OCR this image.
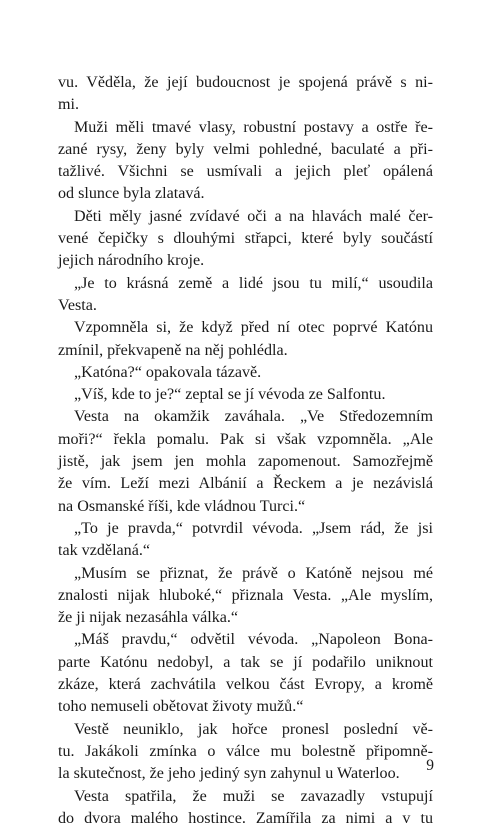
vu. Věděla, že její budoucnost je spojená právě s ni-
mi.
Muži měli tmavé vlasy, robustní postavy a ostře ře-
zané rysy, ženy byly velmi pohledné, baculaté a při-
tažlivé. Všichni se usmívali a jejich pleť opálená
od slunce byla zlatavá.
Děti měly jasné zvídavé oči a na hlavách malé čer-
vené čepičky s dlouhými střapci, které byly součástí
jejich národního kroje.
„Je to krásná země a lidé jsou tu milí,“ usoudila
Vesta.
Vzpomněla si, že když před ní otec poprvé Katónu
zmínil, překvapeně na něj pohlédla.
„Katóna?“ opakovala tázavě.
„Víš, kde to je?“ zeptal se jí vévoda ze Salfontu.
Vesta na okamžik zaváhala. „Ve Středozemním
moři?“ řekla pomalu. Pak si však vzpomněla. „Ale
jistě, jak jsem jen mohla zapomenout. Samozřejmě
že vím. Leží mezi Albánií a Řeckem a je nezávislá
na Osmanské říši, kde vládnou Turci.“
„To je pravda,“ potvrdil vévoda. „Jsem rád, že jsi
tak vzdělaná.“
„Musím se přiznat, že právě o Katóně nejsou mé
znalosti nijak hluboké,“ přiznala Vesta. „Ale myslím,
že ji nijak nezasáhla válka.“
„Máš pravdu,“ odvětil vévoda. „Napoleon Bona-
parte Katónu nedobyl, a tak se jí podařilo uniknout
zkáze, která zachvátila velkou část Evropy, a kromě
toho nemuseli obětovat životy mužů.“
Vestě neuniklo, jak hořce pronesl poslední vě-
tu. Jakákoli zmínka o válce mu bolestně připomně-
la skutečnost, že jeho jediný syn zahynul u Waterloo.
Vesta spatřila, že muži se zavazadly vstupují
do dvora malého hostince. Zamířila za nimi a v tu
9
